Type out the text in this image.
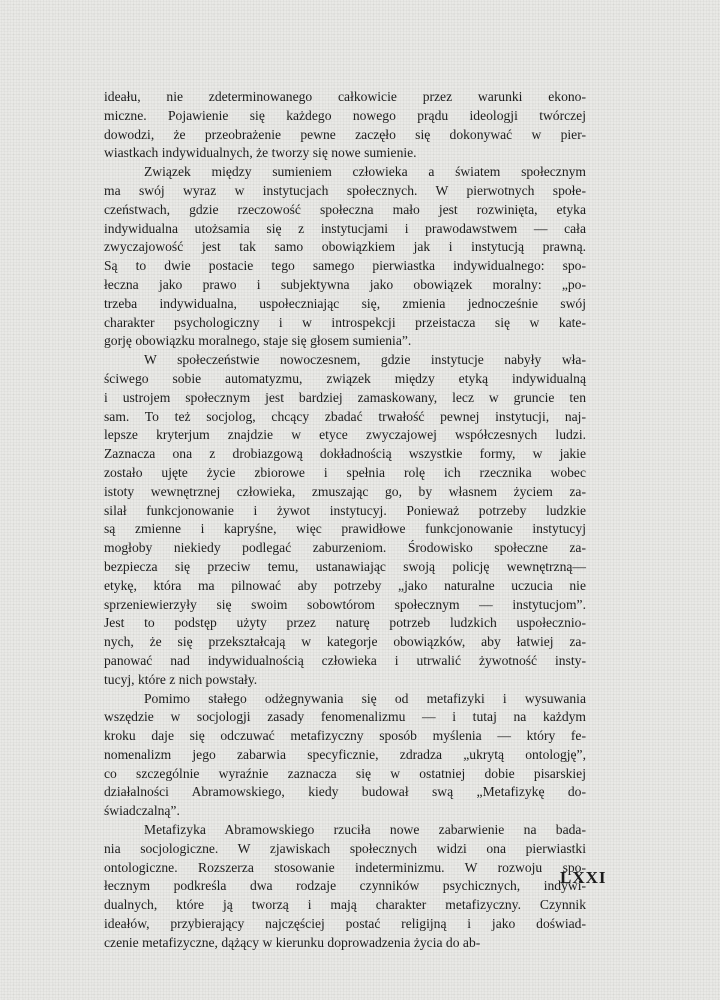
ideału, nie zdeterminowanego całkowicie przez warunki ekono-
miczne. Pojawienie się każdego nowego prądu ideologji twórczej
dowodzi, że przeobrażenie pewne zaczęło się dokonywać w pier-
wiastkach indywidualnych, że tworzy się nowe sumienie.
Związek między sumieniem człowieka a światem społecznym
ma swój wyraz w instytucjach społecznych. W pierwotnych społe-
czeństwach, gdzie rzeczowość społeczna mało jest rozwinięta, etyka
indywidualna utożsamia się z instytucjami i prawodawstwem — cała
zwyczajowość jest tak samo obowiązkiem jak i instytucją prawną.
Są to dwie postacie tego samego pierwiastka indywidualnego: spo-
łeczna jako prawo i subjektywna jako obowiązek moralny: „po-
trzeba indywidualna, uspołeczniając się, zmienia jednocześnie swój
charakter psychologiczny i w introspekcji przeistacza się w kate-
gorję obowiązku moralnego, staje się głosem sumienia”.
W społeczeństwie nowoczesnem, gdzie instytucje nabyły wła-
ściwego sobie automatyzmu, związek między etyką indywidualną
i ustrojem społecznym jest bardziej zamaskowany, lecz w gruncie ten
sam. To też socjolog, chcący zbadać trwałość pewnej instytucji, naj-
lepsze kryterjum znajdzie w etyce zwyczajowej współczesnych ludzi.
Zaznacza ona z drobiazgową dokładnością wszystkie formy, w jakie
zostało ujęte życie zbiorowe i spełnia rolę ich rzecznika wobec
istoty wewnętrznej człowieka, zmuszając go, by własnem życiem za-
silał funkcjonowanie i żywot instytucyj. Ponieważ potrzeby ludzkie
są zmienne i kapryśne, więc prawidłowe funkcjonowanie instytucyj
mogłoby niekiedy podlegać zaburzeniom. Środowisko społeczne za-
bezpiecza się przeciw temu, ustanawiając swoją policję wewnętrzną—
etykę, która ma pilnować aby potrzeby „jako naturalne uczucia nie
sprzeniewierzyły się swoim sobowtórom społecznym — instytucjom”.
Jest to podstęp użyty przez naturę potrzeb ludzkich uspołecznio-
nych, że się przekształcają w kategorje obowiązków, aby łatwiej za-
panować nad indywidualnością człowieka i utrwalić żywotność insty-
tucyj, które z nich powstały.
Pomimo stałego odżegnywania się od metafizyki i wysuwania
wszędzie w socjologji zasady fenomenalizmu — i tutaj na każdym
kroku daje się odczuwać metafizyczny sposób myślenia — który fe-
nomenalizm jego zabarwia specyficznie, zdradza „ukrytą ontologję”,
co szczególnie wyraźnie zaznacza się w ostatniej dobie pisarskiej
działalności Abramowskiego, kiedy budował swą „Metafizykę do-
świadczalną”.
Metafizyka Abramowskiego rzuciła nowe zabarwienie na bada-
nia socjologiczne. W zjawiskach społecznych widzi ona pierwiastki
ontologiczne. Rozszerza stosowanie indeterminizmu. W rozwoju spo-
łecznym podkreśla dwa rodzaje czynników psychicznych, indywi-
dualnych, które ją tworzą i mają charakter metafizyczny. Czynnik
ideałów, przybierający najczęściej postać religijną i jako doświad-
czenie metafizyczne, dążący w kierunku doprowadzenia życia do ab-
LXXI
